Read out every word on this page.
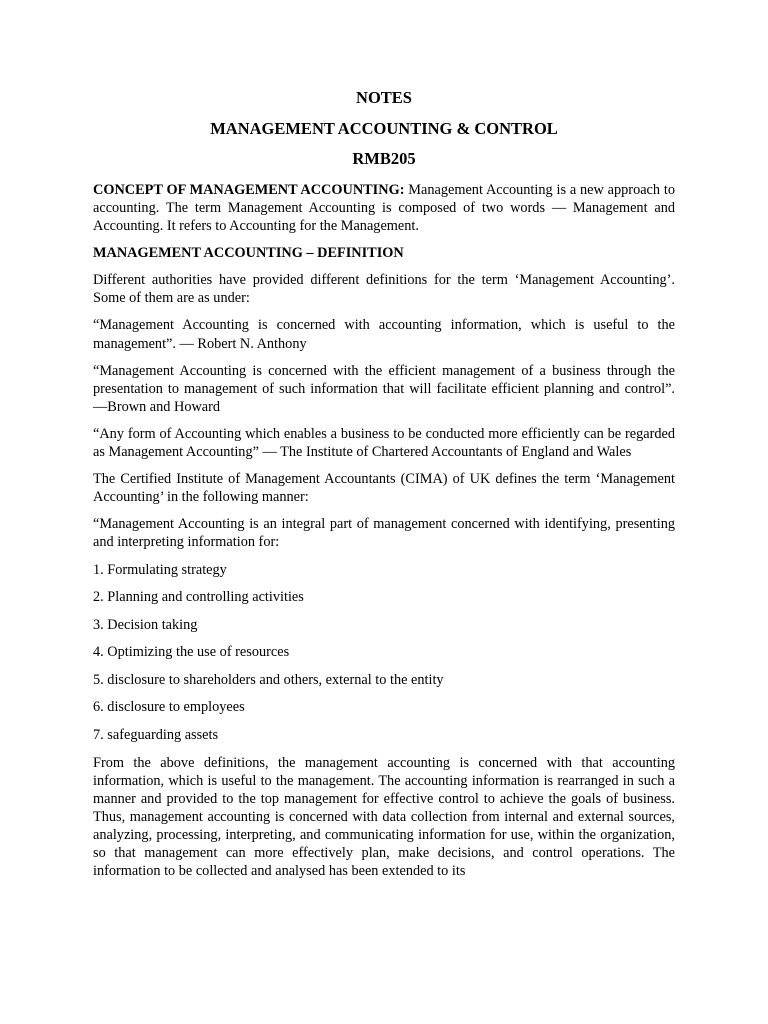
NOTES
MANAGEMENT ACCOUNTING & CONTROL
RMB205

CONCEPT OF MANAGEMENT ACCOUNTING: Management Accounting is a new approach to accounting. The term Management Accounting is composed of two words — Management and Accounting. It refers to Accounting for the Management.

MANAGEMENT ACCOUNTING – DEFINITION

Different authorities have provided different definitions for the term ‘Management Accounting’. Some of them are as under:

“Management Accounting is concerned with accounting information, which is useful to the management”. — Robert N. Anthony

“Management Accounting is concerned with the efficient management of a business through the presentation to management of such information that will facilitate efficient planning and control”. —Brown and Howard

“Any form of Accounting which enables a business to be conducted more efficiently can be regarded as Management Accounting” — The Institute of Chartered Accountants of England and Wales

The Certified Institute of Management Accountants (CIMA) of UK defines the term ‘Management Accounting’ in the following manner:

“Management Accounting is an integral part of management concerned with identifying, presenting and interpreting information for:

1. Formulating strategy
2. Planning and controlling activities
3. Decision taking
4. Optimizing the use of resources
5. disclosure to shareholders and others, external to the entity
6. disclosure to employees
7. safeguarding assets

From the above definitions, the management accounting is concerned with that accounting information, which is useful to the management. The accounting information is rearranged in such a manner and provided to the top management for effective control to achieve the goals of business. Thus, management accounting is concerned with data collection from internal and external sources, analyzing, processing, interpreting, and communicating information for use, within the organization, so that management can more effectively plan, make decisions, and control operations. The information to be collected and analysed has been extended to its
